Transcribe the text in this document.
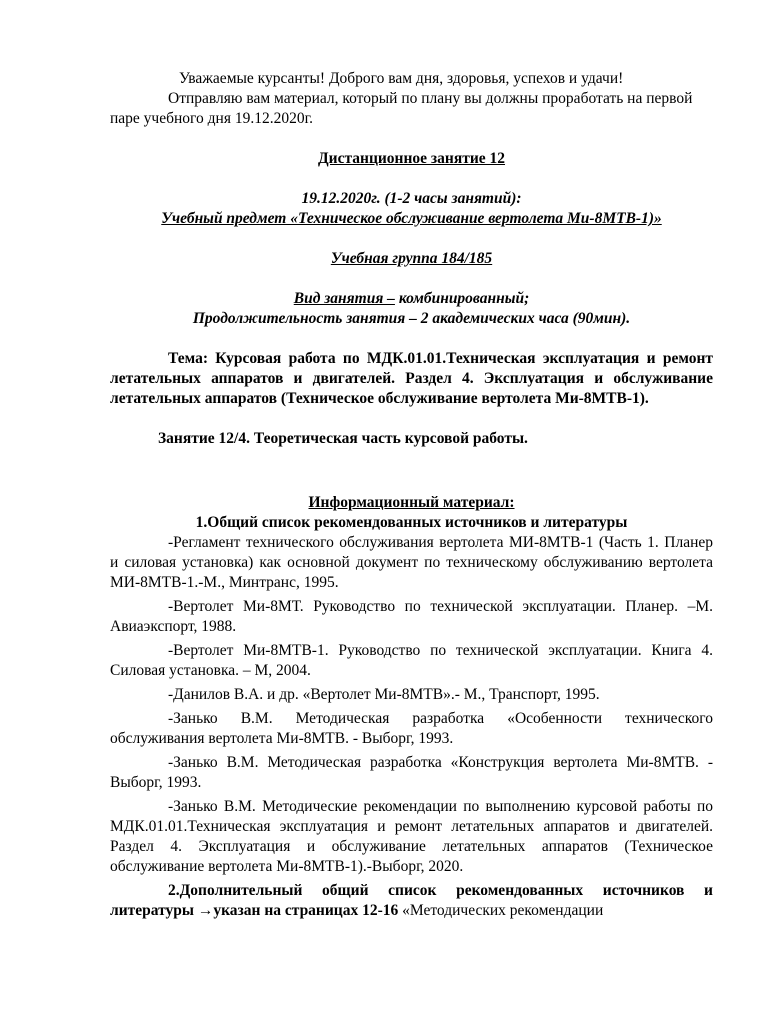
Уважаемые курсанты! Доброго вам дня, здоровья, успехов и удачи!

Отправляю вам материал, который по плану вы должны проработать на первой паре учебного дня 19.12.2020г.

Дистанционное занятие 12

19.12.2020г. (1-2 часы занятий):

Учебный предмет «Техническое обслуживание вертолета Ми-8МТВ-1)»

Учебная группа 184/185

Вид занятия – комбинированный;

Продолжительность занятия – 2 академических часа (90мин).

Тема: Курсовая работа по МДК.01.01.Техническая эксплуатация и ремонт летательных аппаратов и двигателей. Раздел 4. Эксплуатация и обслуживание летательных аппаратов (Техническое обслуживание вертолета Ми-8МТВ-1).

Занятие 12/4. Теоретическая часть курсовой работы.

Информационный материал:

1.Общий список рекомендованных источников и литературы

-Регламент технического обслуживания вертолета МИ-8МТВ-1 (Часть 1. Планер и силовая установка) как основной документ по техническому обслуживанию вертолета МИ-8МТВ-1.-М., Минтранс, 1995.

-Вертолет Ми-8МТ. Руководство по технической эксплуатации. Планер. –М. Авиаэкспорт, 1988.

-Вертолет Ми-8МТВ-1. Руководство по технической эксплуатации. Книга 4. Силовая установка. – М, 2004.

-Данилов В.А. и др. «Вертолет Ми-8МТВ».- М., Транспорт, 1995.

-Занько В.М. Методическая разработка «Особенности технического обслуживания вертолета Ми-8МТВ. - Выборг, 1993.

-Занько В.М. Методическая разработка «Конструкция вертолета Ми-8МТВ. - Выборг, 1993.

-Занько В.М. Методические рекомендации по выполнению курсовой работы по МДК.01.01.Техническая эксплуатация и ремонт летательных аппаратов и двигателей. Раздел 4. Эксплуатация и обслуживание летательных аппаратов (Техническое обслуживание вертолета Ми-8МТВ-1).-Выборг, 2020.

2.Дополнительный общий список рекомендованных источников и литературы →указан на страницах 12-16 «Методических рекомендации
